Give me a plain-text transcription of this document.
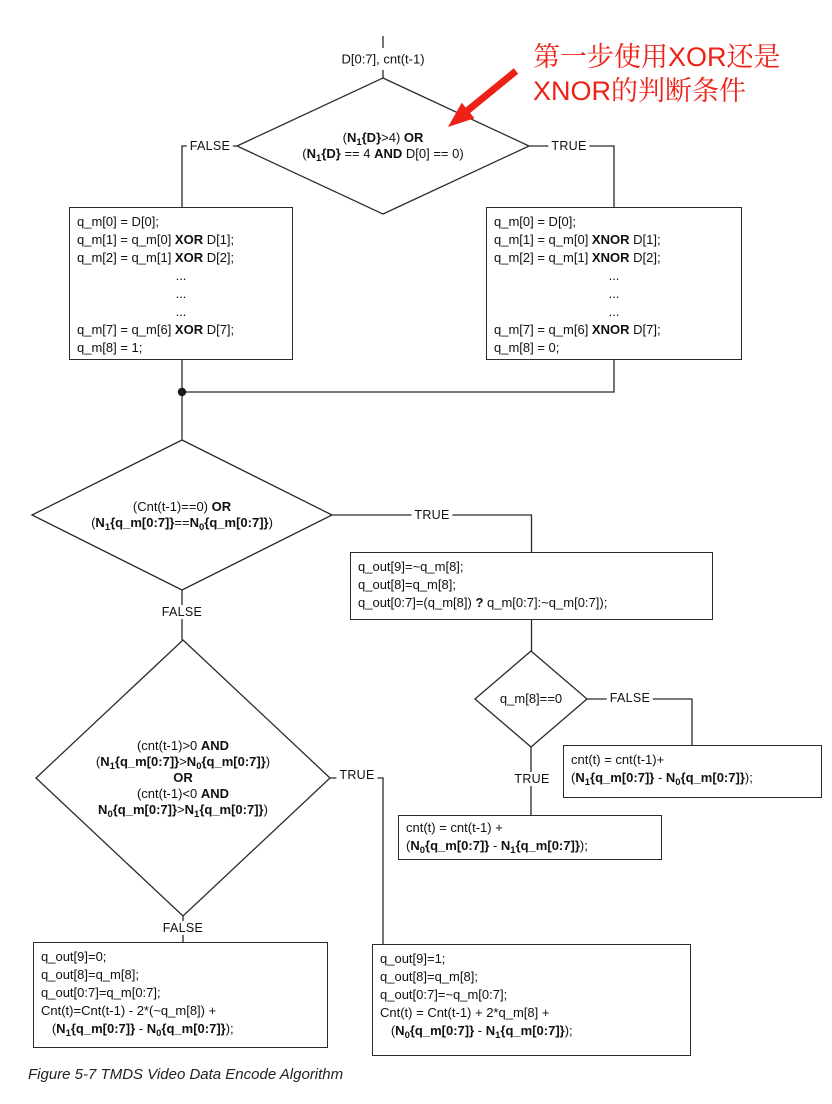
D[0:7], cnt(t-1)	第一步使用XOR还是
XNOR的判断条件
$(N_1\{D\}>4)$ OR
($N_1\{D\} == 4$ AND D[0] == 0)
(Cnt(t-1)==0) OR
$(N_1\{q\_m[0:7]\}==N_0\{q\_m[0:7]\})$
(cnt(t-1)>0 AND
$(N_1\{q\_m[0:7]\}>N_0\{q\_m[0:7]\})$
OR
(cnt(t-1)<0 AND
$N_0\{q\_m[0:7]\}>N_1\{q\_m[0:7]\}$)
q_m[8]==0
q_m[0] = D[0];
q_m[1] = q_m[0] XOR D[1];
q_m[2] = q_m[1] XOR D[2];
...
...
...
q_m[7] = q_m[6] XOR D[7];
q_m[8] = 1;
q_m[0] = D[0];
q_m[1] = q_m[0] XNOR D[1];
q_m[2] = q_m[1] XNOR D[2];
...
...
...
q_m[7] = q_m[6] XNOR D[7];
q_m[8] = 0;
q_out[9]=~q_m[8];
q_out[8]=q_m[8];
q_out[0:7]=(q_m[8]) ? q_m[0:7]:~q_m[0:7]);
cnt(t) = cnt(t-1)+
($N_1\{q\_m[0:7]\}$ - $N_0\{q\_m[0:7]\}$);
cnt(t) = cnt(t-1) +
($N_0\{q\_m[0:7]\}$ - $N_1\{q\_m[0:7]\}$);
q_out[9]=0;
q_out[8]=q_m[8];
q_out[0:7]=q_m[0:7];
Cnt(t)=Cnt(t-1) - 2*(~q_m[8]) +
($N_1\{q\_m[0:7]\}$ - $N_0\{q\_m[0:7]\}$);
q_out[9]=1;
q_out[8]=q_m[8];
q_out[0:7]=~q_m[0:7];
Cnt(t) = Cnt(t-1) + 2*q_m[8] +
($N_0\{q\_m[0:7]\}$ - $N_1\{q\_m[0:7]\}$);
FALSE	TRUE
TRUE
FALSE
FALSE
TRUE
TRUE
FALSE
Figure 5-7 TMDS Video Data Encode Algorithm
